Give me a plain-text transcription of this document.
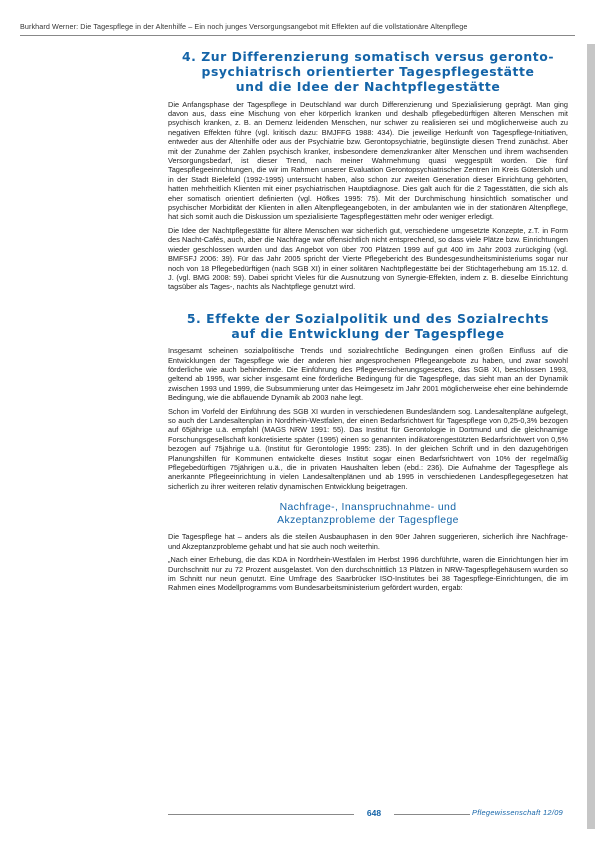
Burkhard Werner: Die Tagespflege in der Altenhilfe – Ein noch junges Versorgungsangebot mit Effekten auf die vollstationäre Altenpflege
4. Zur Differenzierung somatisch versus geronto-
psychiatrisch orientierter Tagespflegestätte
und die Idee der Nachtpflegestätte

Die Anfangsphase der Tagespflege in Deutschland war durch Differenzierung und Spezialisierung geprägt. Man ging davon aus, dass eine Mischung von eher körperlich kranken und deshalb pflegebedürftigen älteren Menschen mit psychisch kranken, z. B. an Demenz leidenden Menschen, nur schwer zu realisieren sei und möglicherweise auch zu negativen Effekten führe (vgl. kritisch dazu: BMJFFG 1988: 434). Die jeweilige Herkunft von Tagespflege-Initiativen, entweder aus der Altenhilfe oder aus der Psychiatrie bzw. Gerontopsychiatrie, begünstigte diesen Trend zunächst. Aber mit der Zunahme der Zahlen psychisch kranker, insbesondere demenzkranker älter Menschen und ihrem wachsenden Versorgungsbedarf, ist dieser Trend, nach meiner Wahrnehmung quasi weggespült worden. Die fünf Tagespflegeeinrichtungen, die wir im Rahmen unserer Evaluation Gerontopsychiatrischer Zentren im Kreis Gütersloh und in der Stadt Bielefeld (1992-1995) untersucht haben, also schon zur zweiten Generation dieser Einrichtung gehörten, hatten mehrheitlich Klienten mit einer psychiatrischen Hauptdiagnose. Dies galt auch für die 2 Tagesstätten, die sich als eher somatisch orientiert definierten (vgl. Höfkes 1995: 75). Mit der Durchmischung hinsichtlich somatischer und psychischer Morbidität der Klienten in allen Altenpflegeangeboten, in der ambulanten wie in der stationären Altenpflege, hat sich somit auch die Diskussion um spezialisierte Tagespflegestätten mehr oder weniger erledigt.

Die Idee der Nachtpflegestätte für ältere Menschen war sicherlich gut, verschiedene umgesetzte Konzepte, z.T. in Form des Nacht-Cafés, auch, aber die Nachfrage war offensichtlich nicht entsprechend, so dass viele Plätze bzw. Einrichtungen wieder geschlossen wurden und das Angebot von über 700 Plätzen 1999 auf gut 400 im Jahr 2003 zurückging (vgl. BMFSFJ 2006: 39). Für das Jahr 2005 spricht der Vierte Pflegebericht des Bundesgesundheitsministeriums sogar nur noch von 18 Pflegebedürftigen (nach SGB XI) in einer solitären Nachtpflegestätte bei der Stichtagerhebung am 15.12. d. J. (vgl. BMG 2008: 59). Dabei spricht Vieles für die Ausnutzung von Synergie-Effekten, indem z. B. dieselbe Einrichtung tagsüber als Tages-, nachts als Nachtpflege genutzt wird.

5. Effekte der Sozialpolitik und des Sozialrechts
auf die Entwicklung der Tagespflege

Insgesamt scheinen sozialpolitische Trends und sozialrechtliche Bedingungen einen großen Einfluss auf die Entwicklungen der Tagespflege wie der anderen hier angesprochenen Pflegeangebote zu haben, und zwar sowohl förderliche wie auch behindernde. Die Einführung des Pflegeversicherungsgesetzes, das SGB XI, beschlossen 1993, geltend ab 1995, war sicher insgesamt eine förderliche Bedingung für die Tagespflege, das sieht man an der Dynamik zwischen 1993 und 1999, die Subsummierung unter das Heimgesetz im Jahr 2001 möglicherweise eher eine behindernde Bedingung, wie die abflauende Dynamik ab 2003 nahe legt.

Schon im Vorfeld der Einführung des SGB XI wurden in verschiedenen Bundesländern sog. Landesaltenpläne aufgelegt, so auch der Landesaltenplan in Nordrhein-Westfalen, der einen Bedarfsrichtwert für Tagespflege von 0,25-0,3% bezogen auf 65jährige u.ä. empfahl (MAGS NRW 1991: 55). Das Institut für Gerontologie in Dortmund und die gleichnamige Forschungsgesellschaft konkretisierte später (1995) einen so genannten indikatorengestützten Bedarfsrichtwert von 0,5% bezogen auf 75jährige u.ä. (Institut für Gerontologie 1995: 235). In der gleichen Schrift und in den dazugehörigen Planungshilfen für Kommunen entwickelte dieses Institut sogar einen Bedarfsrichtwert von 10% der regelmäßig Pflegebedürftigen 75jährigen u.ä., die in privaten Haushalten leben (ebd.: 236). Die Aufnahme der Tagespflege als anerkannte Pflegeeinrichtung in vielen Landesaltenplänen und ab 1995 in verschiedenen Landespflegegesetzen hat sicherlich zu ihrer weiteren relativ dynamischen Entwicklung beigetragen.

Nachfrage-, Inanspruchnahme- und
Akzeptanzprobleme der Tagespflege

Die Tagespflege hat – anders als die steilen Ausbauphasen in den 90er Jahren suggerieren, sicherlich ihre Nachfrage- und Akzeptanzprobleme gehabt und hat sie auch noch weiterhin.

„Nach einer Erhebung, die das KDA in Nordrhein-Westfalen im Herbst 1996 durchführte, waren die Einrichtungen hier im Durchschnitt nur zu 72 Prozent ausgelastet. Von den durchschnittlich 13 Plätzen in NRW-Tagespflegehäusern wurden so im Schnitt nur neun genutzt. Eine Umfrage des Saarbrücker ISO-Institutes bei 38 Tagespflege-Einrichtungen, die im Rahmen eines Modellprogramms vom Bundesarbeitsministerium gefördert wurden, ergab:

648	Pflegewissenschaft 12/09
